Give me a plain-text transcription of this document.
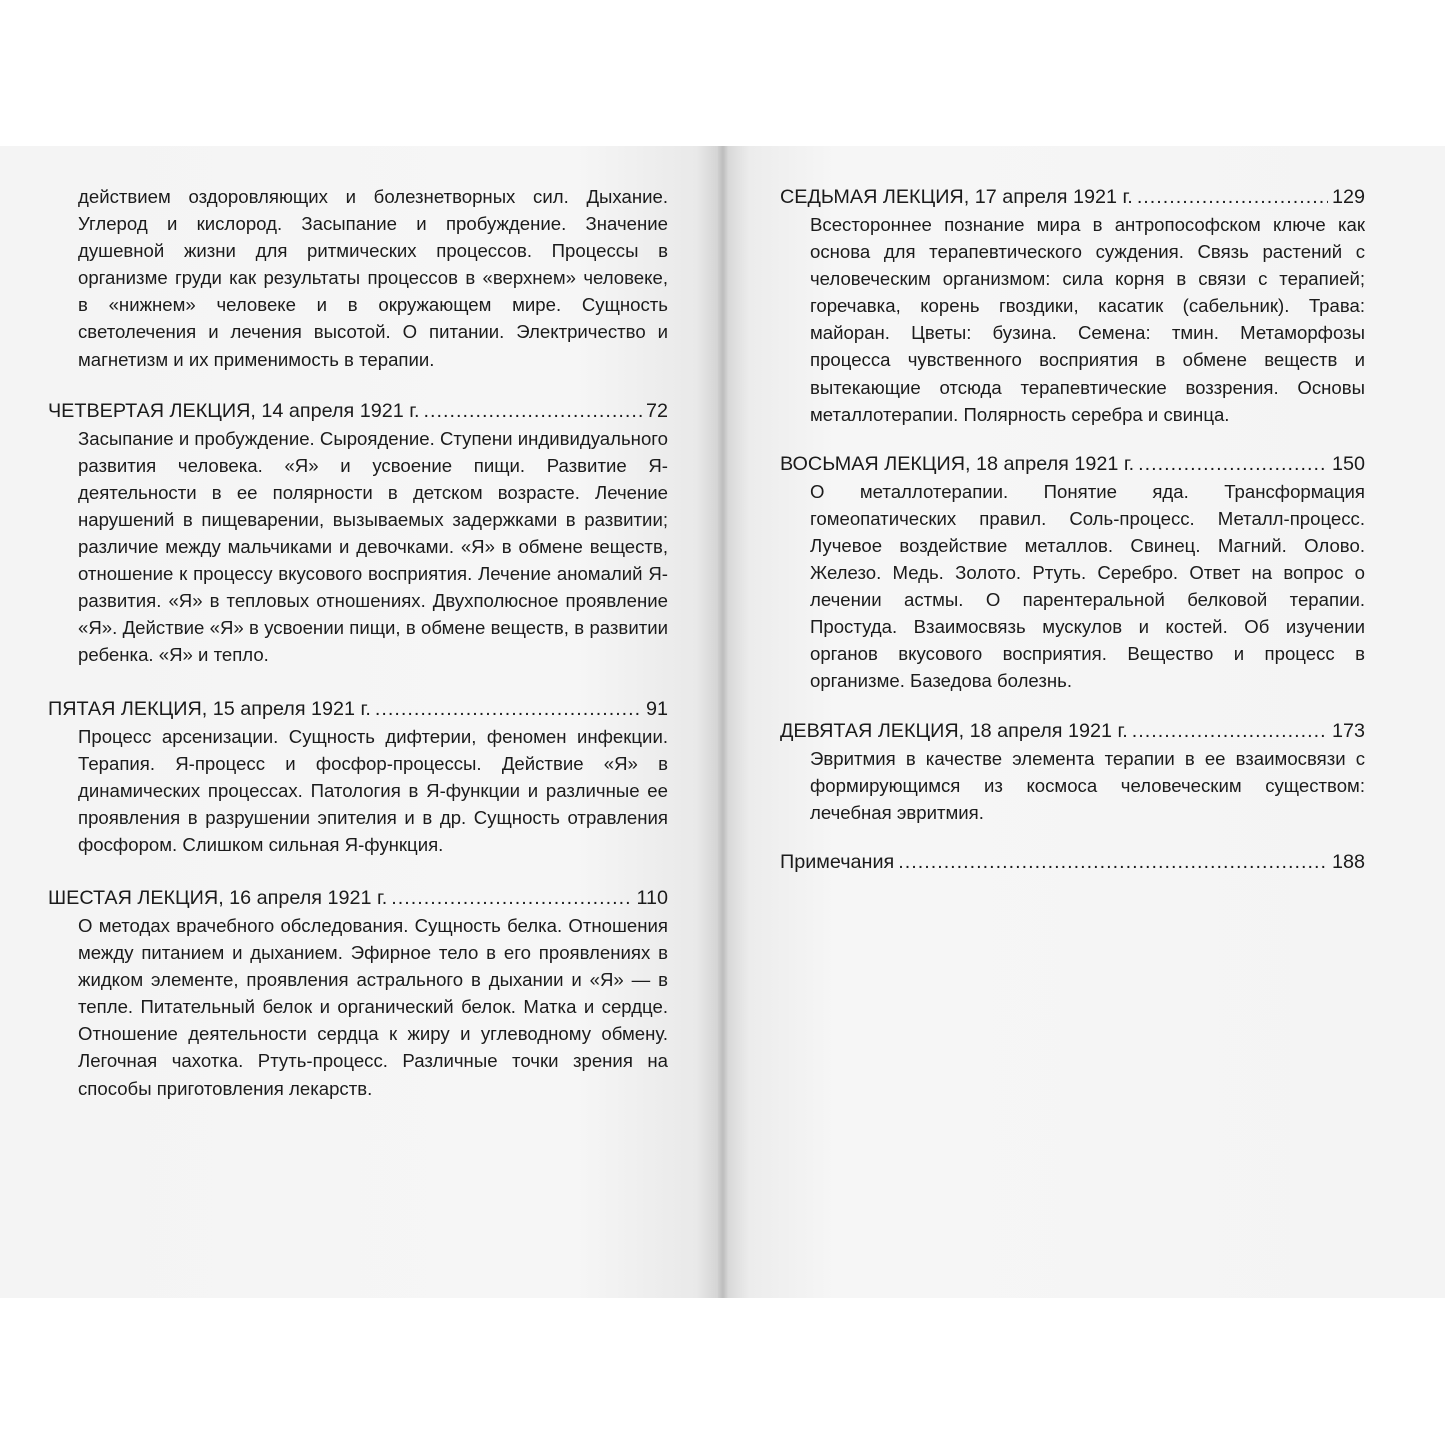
действием оздоровляющих и болезнетворных сил. Дыхание. Углерод и кислород. Засыпание и пробуждение. Значение душевной жизни для ритмических процессов. Процессы в организме груди как результаты процессов в «верхнем» человеке, в «нижнем» человеке и в окружающем мире. Сущность светолечения и лечения высотой. О питании. Электричество и магнетизм и их применимость в терапии.

ЧЕТВЕРТАЯ ЛЕКЦИЯ, 14 апреля 1921 г. .....	72

Засыпание и пробуждение. Сыроядение. Ступени индивидуального развития человека. «Я» и усвоение пищи. Развитие Я-деятельности в ее полярности в детском возрасте. Лечение нарушений в пищеварении, вызываемых задержками в развитии; различие между мальчиками и девочками. «Я» в обмене веществ, отношение к процессу вкусового восприятия. Лечение аномалий Я-развития. «Я» в тепловых отношениях. Двухполюсное проявление «Я». Действие «Я» в усвоении пищи, в обмене веществ, в развитии ребенка. «Я» и тепло.

ПЯТАЯ ЛЕКЦИЯ, 15 апреля 1921 г. .....	91

Процесс арсенизации. Сущность дифтерии, феномен инфекции. Терапия. Я-процесс и фосфор-процессы. Действие «Я» в динамических процессах. Патология в Я-функции и различные ее проявления в разрушении эпителия и в др. Сущность отравления фосфором. Слишком сильная Я-функция.

ШЕСТАЯ ЛЕКЦИЯ, 16 апреля 1921 г. .....	110

О методах врачебного обследования. Сущность белка. Отношения между питанием и дыханием. Эфирное тело в его проявлениях в жидком элементе, проявления астрального в дыхании и «Я» — в тепле. Питательный белок и органический белок. Матка и сердце. Отношение деятельности сердца к жиру и углеводному обмену. Легочная чахотка. Ртуть-процесс. Различные точки зрения на способы приготовления лекарств.

СЕДЬМАЯ ЛЕКЦИЯ, 17 апреля 1921 г. .....	129

Всестороннее познание мира в антропософском ключе как основа для терапевтического суждения. Связь растений с человеческим организмом: сила корня в связи с терапией; горечавка, корень гвоздики, касатик (сабельник). Трава: майоран. Цветы: бузина. Семена: тмин. Метаморфозы процесса чувственного восприятия в обмене веществ и вытекающие отсюда терапевтические воззрения. Основы металлотерапии. Полярность серебра и свинца.

ВОСЬМАЯ ЛЕКЦИЯ, 18 апреля 1921 г. .....	150

О металлотерапии. Понятие яда. Трансформация гомеопатических правил. Соль-процесс. Металл-процесс. Лучевое воздействие металлов. Свинец. Магний. Олово. Железо. Медь. Золото. Ртуть. Серебро. Ответ на вопрос о лечении астмы. О парентеральной белковой терапии. Простуда. Взаимосвязь мускулов и костей. Об изучении органов вкусового восприятия. Вещество и процесс в организме. Базедова болезнь.

ДЕВЯТАЯ ЛЕКЦИЯ, 18 апреля 1921 г. .....	173

Эвритмия в качестве элемента терапии в ее взаимосвязи с формирующимся из космоса человеческим существом: лечебная эвритмия.

Примечания .....	188
